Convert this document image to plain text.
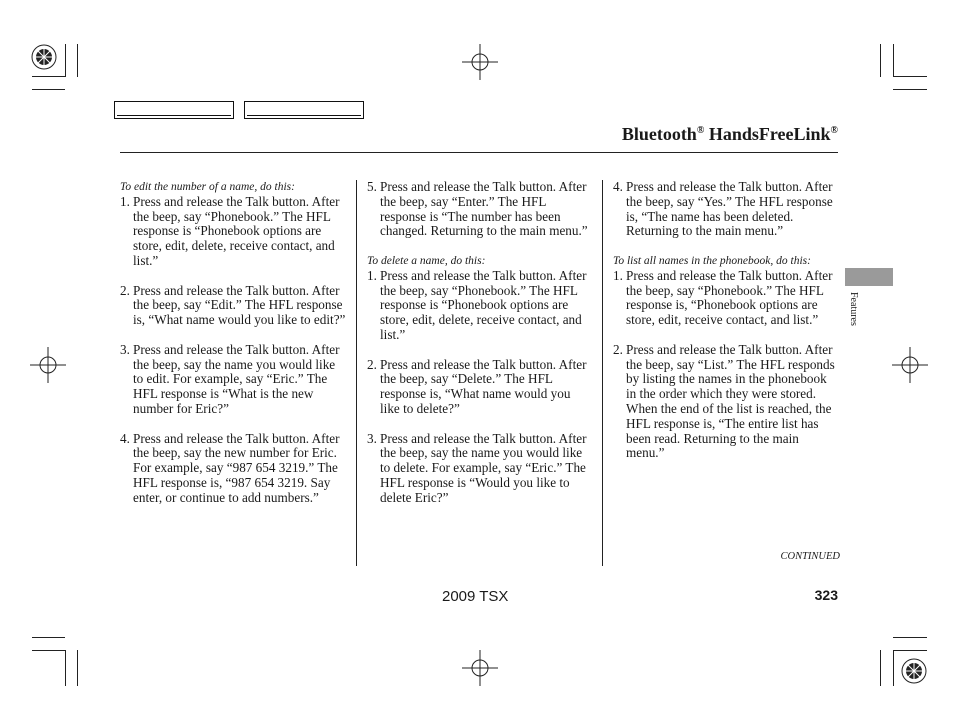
Bluetooth® HandsFreeLink®
To edit the number of a name, do this:
1. Press and release the Talk button. After the beep, say “Phonebook.” The HFL response is “Phonebook options are store, edit, delete, receive contact, and list.”
2. Press and release the Talk button. After the beep, say “Edit.” The HFL response is, “What name would you like to edit?”
3. Press and release the Talk button. After the beep, say the name you would like to edit. For example, say “Eric.” The HFL response is “What is the new number for Eric?”
4. Press and release the Talk button. After the beep, say the new number for Eric. For example, say “987 654 3219.” The HFL response is, “987 654 3219. Say enter, or continue to add numbers.”
5. Press and release the Talk button. After the beep, say “Enter.” The HFL response is “The number has been changed. Returning to the main menu.”
To delete a name, do this:
1. Press and release the Talk button. After the beep, say “Phonebook.” The HFL response is “Phonebook options are store, edit, delete, receive contact, and list.”
2. Press and release the Talk button. After the beep, say “Delete.” The HFL response is, “What name would you like to delete?”
3. Press and release the Talk button. After the beep, say the name you would like to delete. For example, say “Eric.” The HFL response is “Would you like to delete Eric?”
4. Press and release the Talk button. After the beep, say “Yes.” The HFL response is, “The name has been deleted. Returning to the main menu.”
To list all names in the phonebook, do this:
1. Press and release the Talk button. After the beep, say “Phonebook.” The HFL response is, “Phonebook options are store, edit, receive contact, and list.”
2. Press and release the Talk button. After the beep, say “List.” The HFL responds by listing the names in the phonebook in the order which they were stored. When the end of the list is reached, the HFL response is, “The entire list has been read. Returning to the main menu.”
Features
CONTINUED
2009 TSX	323
